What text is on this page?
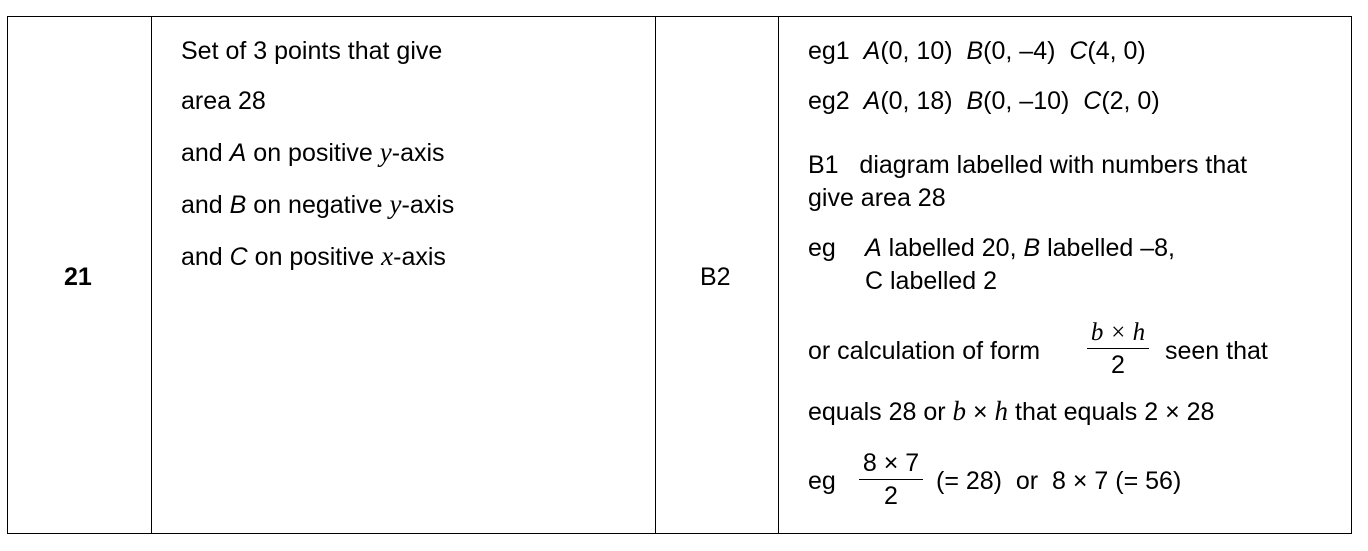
21
Set of 3 points that give
area 28
and A on positive y-axis
and B on negative y-axis
and C on positive x-axis
B2
eg1 A(0, 10) B(0, –4) C(4, 0)
eg2 A(0, 18) B(0, –10) C(2, 0)
B1   diagram labelled with numbers that
give area 28
eg A labelled 20, B labelled –8,
C labelled 2
or calculation of form $\frac{b \times h}{2}$ seen that
equals 28 or b × h that equals 2 × 28
eg $\frac{8 \times 7}{2}$ (= 28)  or  8 × 7 (= 56)
